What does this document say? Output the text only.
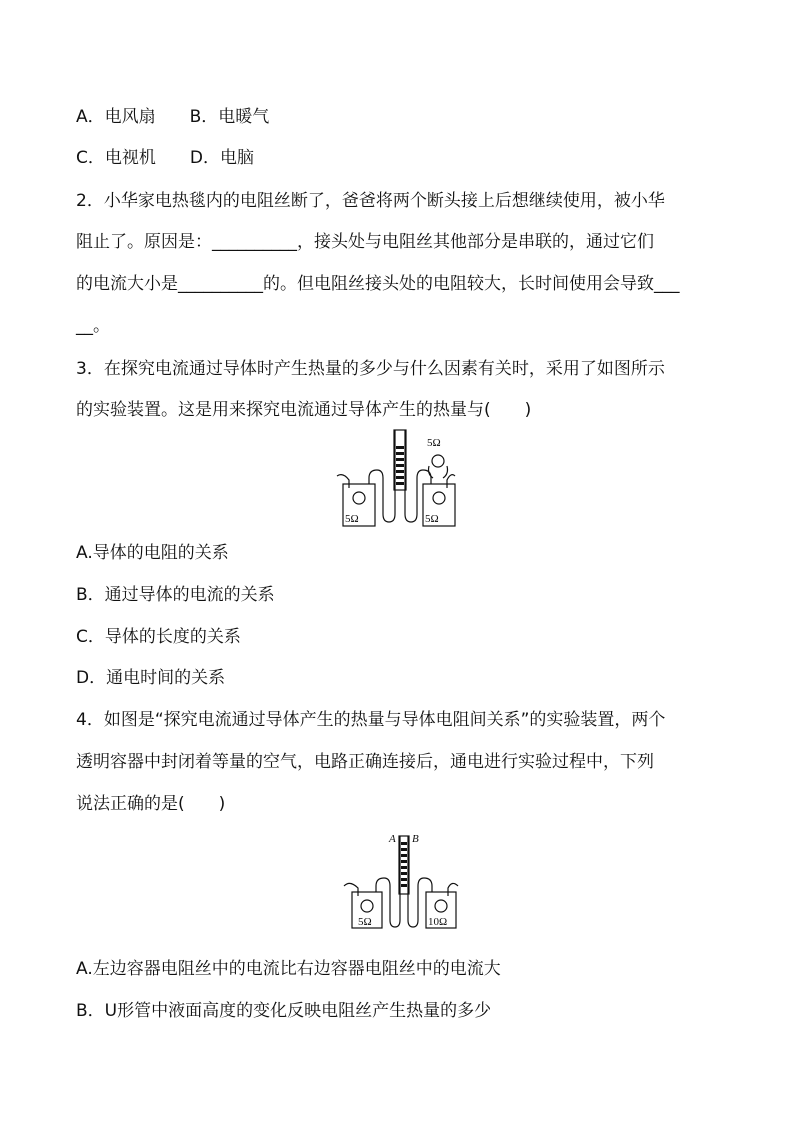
A．电风扇　　B．电暖气
C．电视机　　D．电脑
2．小华家电热毯内的电阻丝断了，爸爸将两个断头接上后想继续使用，被小华
阻止了。原因是：__________，接头处与电阻丝其他部分是串联的，通过它们
的电流大小是__________的。但电阻丝接头处的电阻较大，长时间使用会导致___
__。
3．在探究电流通过导体时产生热量的多少与什么因素有关时，采用了如图所示
的实验装置。这是用来探究电流通过导体产生的热量与(　　)
5Ω	5Ω
5Ω
A.导体的电阻的关系
B．通过导体的电流的关系
C．导体的长度的关系
D．通电时间的关系
4．如图是“探究电流通过导体产生的热量与导体电阻间关系”的实验装置，两个
透明容器中封闭着等量的空气，电路正确连接后，通电进行实验过程中，下列
说法正确的是(　　)
A B
5Ω	10Ω
A.左边容器电阻丝中的电流比右边容器电阻丝中的电流大
B．U形管中液面高度的变化反映电阻丝产生热量的多少
